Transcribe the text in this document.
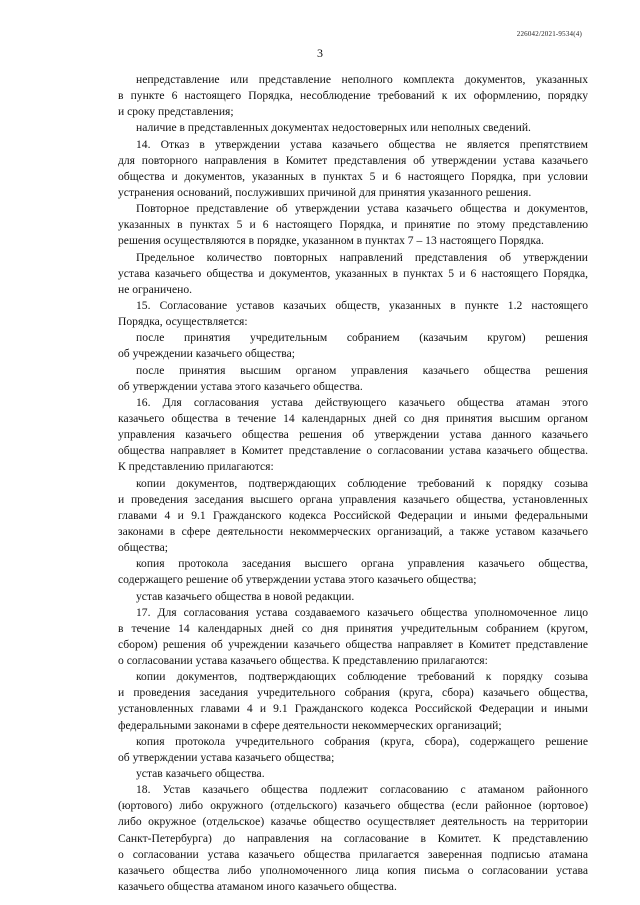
226042/2021-9534(4)
3
непредставление или представление неполного комплекта документов, указанных
в пункте 6 настоящего Порядка, несоблюдение требований к их оформлению, порядку
и сроку представления;
наличие в представленных документах недостоверных или неполных сведений.
14. Отказ в утверждении устава казачьего общества не является препятствием
для повторного направления в Комитет представления об утверждении устава казачьего
общества и документов, указанных в пунктах 5 и 6 настоящего Порядка, при условии
устранения оснований, послуживших причиной для принятия указанного решения.
Повторное представление об утверждении устава казачьего общества и документов,
указанных в пунктах 5 и 6 настоящего Порядка, и принятие по этому представлению
решения осуществляются в порядке, указанном в пунктах 7 – 13 настоящего Порядка.
Предельное количество повторных направлений представления об утверждении
устава казачьего общества и документов, указанных в пунктах 5 и 6 настоящего Порядка,
не ограничено.
15. Согласование уставов казачьих обществ, указанных в пункте 1.2 настоящего
Порядка, осуществляется:
после принятия учредительным собранием (казачьим кругом) решения
об учреждении казачьего общества;
после принятия высшим органом управления казачьего общества решения
об утверждении устава этого казачьего общества.
16. Для согласования устава действующего казачьего общества атаман этого
казачьего общества в течение 14 календарных дней со дня принятия высшим органом
управления казачьего общества решения об утверждении устава данного казачьего
общества направляет в Комитет представление о согласовании устава казачьего общества.
К представлению прилагаются:
копии документов, подтверждающих соблюдение требований к порядку созыва
и проведения заседания высшего органа управления казачьего общества, установленных
главами 4 и 9.1 Гражданского кодекса Российской Федерации и иными федеральными
законами в сфере деятельности некоммерческих организаций, а также уставом казачьего
общества;
копия протокола заседания высшего органа управления казачьего общества,
содержащего решение об утверждении устава этого казачьего общества;
устав казачьего общества в новой редакции.
17. Для согласования устава создаваемого казачьего общества уполномоченное лицо
в течение 14 календарных дней со дня принятия учредительным собранием (кругом,
сбором) решения об учреждении казачьего общества направляет в Комитет представление
о согласовании устава казачьего общества. К представлению прилагаются:
копии документов, подтверждающих соблюдение требований к порядку созыва
и проведения заседания учредительного собрания (круга, сбора) казачьего общества,
установленных главами 4 и 9.1 Гражданского кодекса Российской Федерации и иными
федеральными законами в сфере деятельности некоммерческих организаций;
копия протокола учредительного собрания (круга, сбора), содержащего решение
об утверждении устава казачьего общества;
устав казачьего общества.
18. Устав казачьего общества подлежит согласованию с атаманом районного
(юртового) либо окружного (отдельского) казачьего общества (если районное (юртовое)
либо окружное (отдельское) казачье общество осуществляет деятельность на территории
Санкт-Петербурга) до направления на согласование в Комитет. К представлению
о согласовании устава казачьего общества прилагается заверенная подписью атамана
казачьего общества либо уполномоченного лица копия письма о согласовании устава
казачьего общества атаманом иного казачьего общества.
